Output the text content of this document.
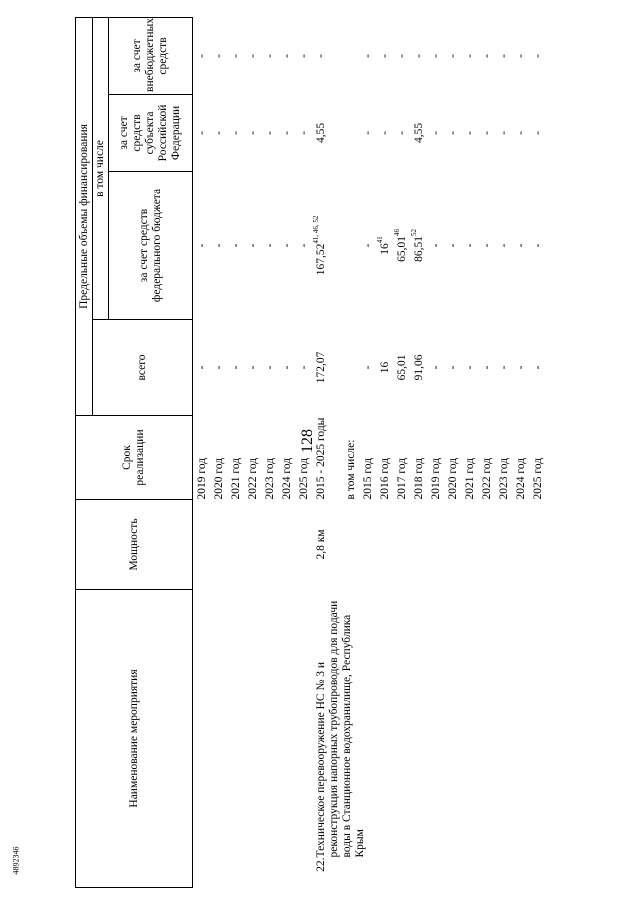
128
4892346
Наименование мероприятия		Мощность	Срок реализации	Предельные объемы финансирования			
				всего	в том числе		
					за счет средств федерального бюджета	за счет средств субъекта Российской Федерации	за счет внебюджетных средств
			2019 год	-	-	-	-
			2020 год	-	-	-	-
			2021 год	-	-	-	-
			2022 год	-	-	-	-
			2023 год	-	-	-	-
			2024 год	-	-	-	-
			2025 год	-	-	-	-
22.	Техническое перевооружение НС № 3 и реконструкция напорных трубопроводов для подачи воды в Станционное водохранилище, Республика Крым	2,8 км	2015 - 2025 годы	172,07	167,52$^{41, 46, 52}$	4,55	-
			в том числе:				
			2015 год	-	-	-	-
			2016 год	16	$16^{41}$	-	-
			2017 год	65,01	65,01$^{46}$	-	-
			2018 год	91,06	86,51$^{52}$	4,55	-
			2019 год	-	-	-	-
			2020 год	-	-	-	-
			2021 год	-	-	-	-
			2022 год	-	-	-	-
			2023 год	-	-	-	-
			2024 год	-	-	-	-
			2025 год	-	-	-	-
